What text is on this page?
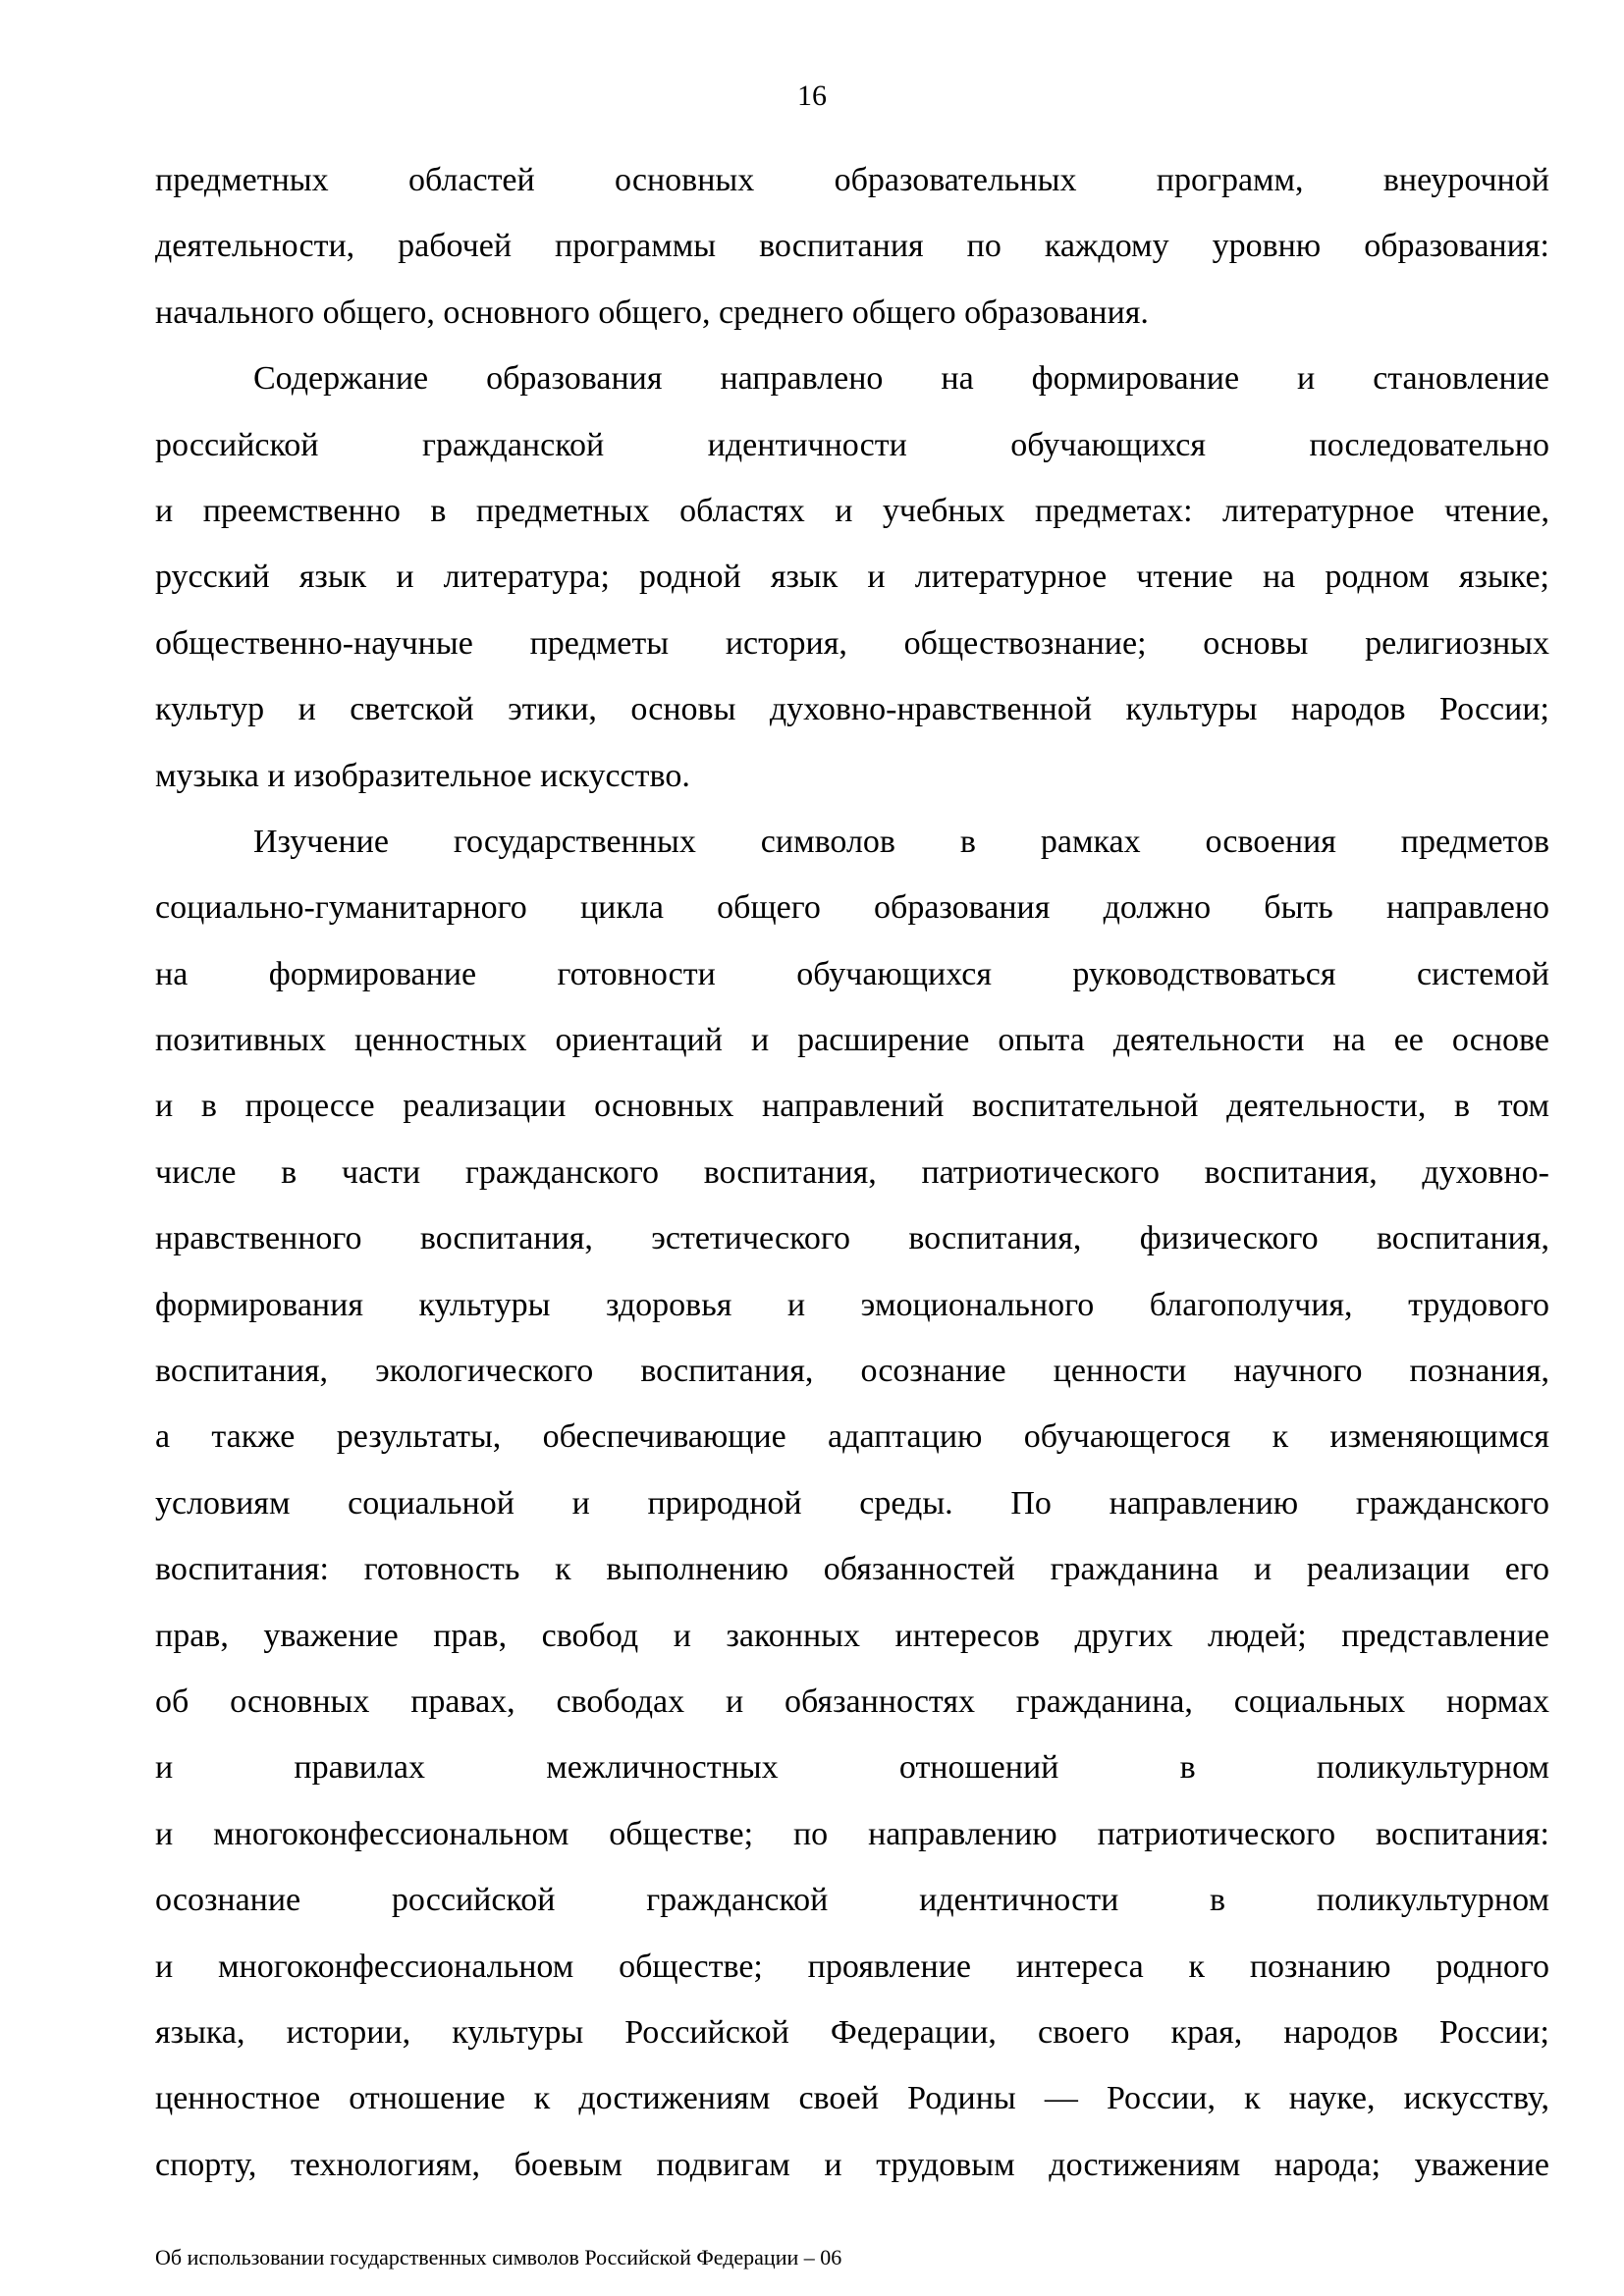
16
предметных областей основных образовательных программ, внеурочной
деятельности, рабочей программы воспитания по каждому уровню образования:
начального общего, основного общего, среднего общего образования.
Содержание образования направлено на формирование и становление
российской гражданской идентичности обучающихся последовательно
и преемственно в предметных областях и учебных предметах: литературное чтение,
русский язык и литература; родной язык и литературное чтение на родном языке;
общественно-научные предметы история, обществознание; основы религиозных
культур и светской этики, основы духовно-нравственной культуры народов России;
музыка и изобразительное искусство.
Изучение государственных символов в рамках освоения предметов
социально-гуманитарного цикла общего образования должно быть направлено
на формирование готовности обучающихся руководствоваться системой
позитивных ценностных ориентаций и расширение опыта деятельности на ее основе
и в процессе реализации основных направлений воспитательной деятельности, в том
числе в части гражданского воспитания, патриотического воспитания, духовно-
нравственного воспитания, эстетического воспитания, физического воспитания,
формирования культуры здоровья и эмоционального благополучия, трудового
воспитания, экологического воспитания, осознание ценности научного познания,
а также результаты, обеспечивающие адаптацию обучающегося к изменяющимся
условиям социальной и природной среды. По направлению гражданского
воспитания: готовность к выполнению обязанностей гражданина и реализации его
прав, уважение прав, свобод и законных интересов других людей; представление
об основных правах, свободах и обязанностях гражданина, социальных нормах
и правилах межличностных отношений в поликультурном
и многоконфессиональном обществе; по направлению патриотического воспитания:
осознание российской гражданской идентичности в поликультурном
и многоконфессиональном обществе; проявление интереса к познанию родного
языка, истории, культуры Российской Федерации, своего края, народов России;
ценностное отношение к достижениям своей Родины — России, к науке, искусству,
спорту, технологиям, боевым подвигам и трудовым достижениям народа; уважение
Об использовании государственных символов Российской Федерации – 06
